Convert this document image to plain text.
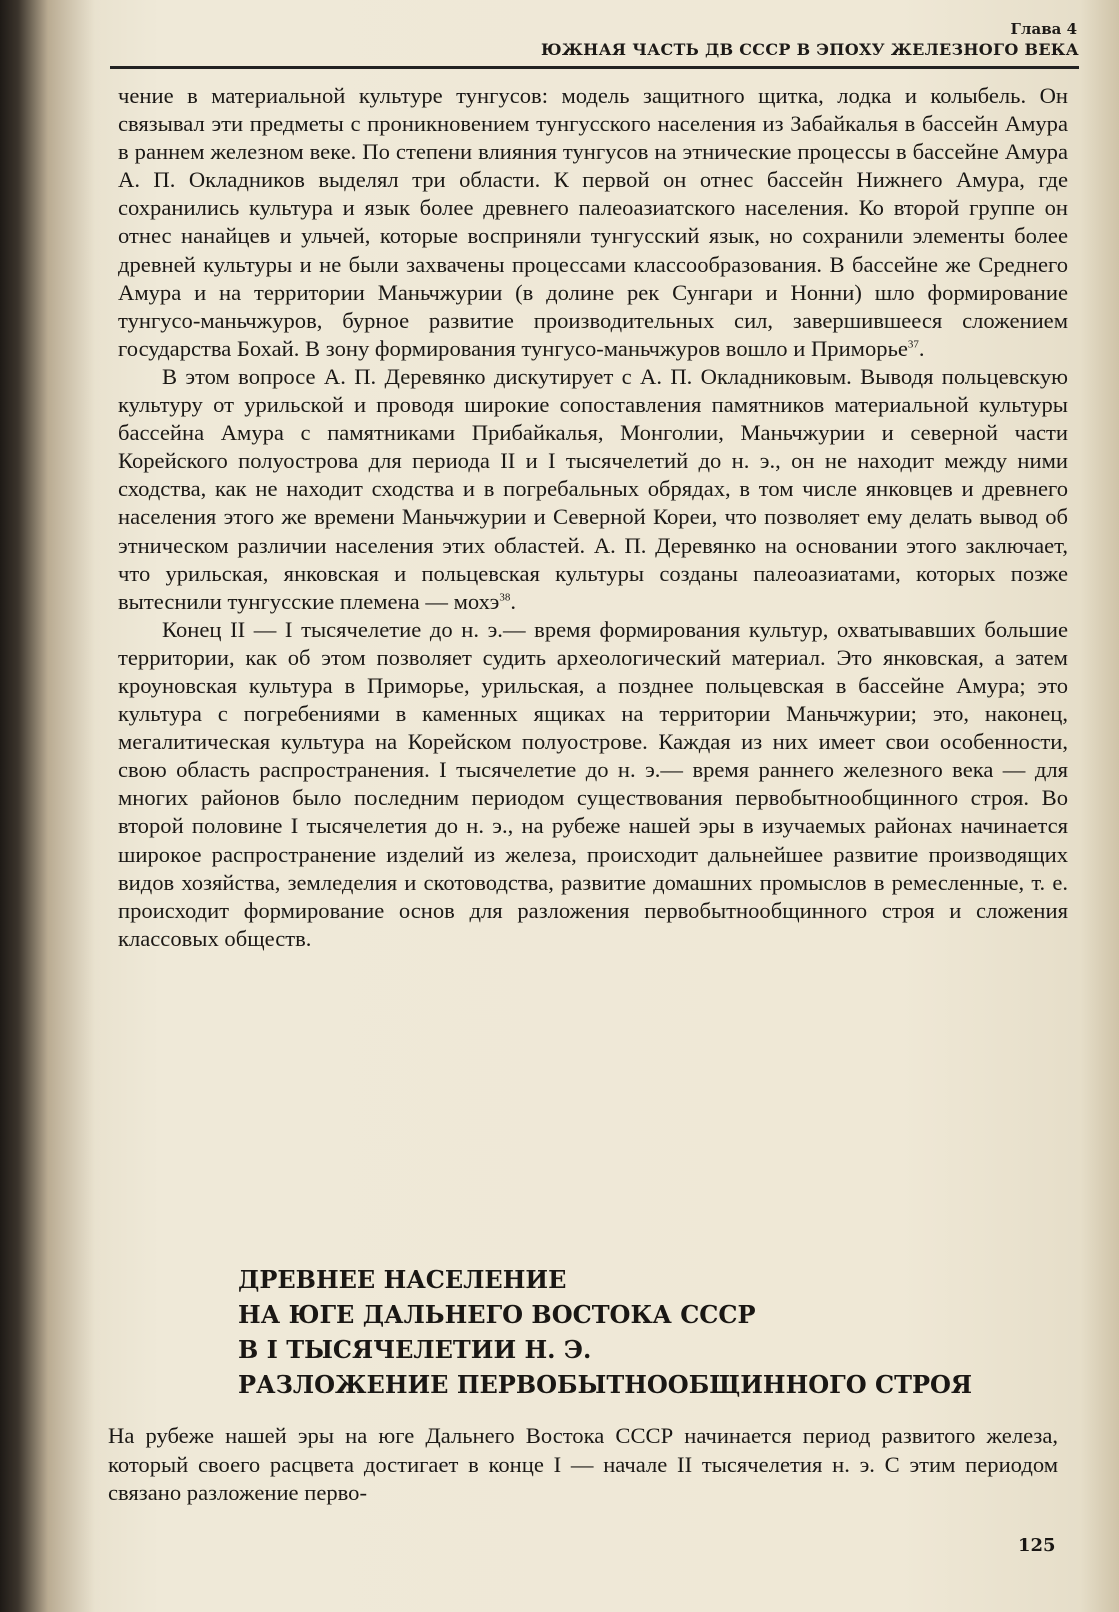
Глава 4
ЮЖНАЯ ЧАСТЬ ДВ СССР В ЭПОХУ ЖЕЛЕЗНОГО ВЕКА

чение в материальной культуре тунгусов: модель защитного щитка, лодка и колыбель. Он связывал эти предметы с проникновением тунгусского населения из Забайкалья в бассейн Амура в раннем железном веке. По степени влияния тунгусов на этнические процессы в бассейне Амура А. П. Окладников выделял три области. К первой он отнес бассейн Нижнего Амура, где сохранились культура и язык более древнего палеоазиатского населения. Ко второй группе он отнес нанайцев и ульчей, которые восприняли тунгусский язык, но сохранили элементы более древней культуры и не были захвачены процессами классообразования. В бассейне же Среднего Амура и на территории Маньчжурии (в долине рек Сунгари и Нонни) шло формирование тунгусо-маньчжуров, бурное развитие производительных сил, завершившееся сложением государства Бохай. В зону формирования тунгусо-маньчжуров вошло и Приморье$^{37}$.

В этом вопросе А. П. Деревянко дискутирует с А. П. Окладниковым. Выводя польцевскую культуру от урильской и проводя широкие сопоставления памятников материальной культуры бассейна Амура с памятниками Прибайкалья, Монголии, Маньчжурии и северной части Корейского полуострова для периода II и I тысячелетий до н. э., он не находит между ними сходства, как не находит сходства и в погребальных обрядах, в том числе янковцев и древнего населения этого же времени Маньчжурии и Северной Кореи, что позволяет ему делать вывод об этническом различии населения этих областей. А. П. Деревянко на основании этого заключает, что урильская, янковская и польцевская культуры созданы палеоазиатами, которых позже вытеснили тунгусские племена — мохэ$^{38}$.

Конец II — I тысячелетие до н. э.— время формирования культур, охватывавших большие территории, как об этом позволяет судить археологический материал. Это янковская, а затем кроуновская культура в Приморье, урильская, а позднее польцевская в бассейне Амура; это культура с погребениями в каменных ящиках на территории Маньчжурии; это, наконец, мегалитическая культура на Корейском полуострове. Каждая из них имеет свои особенности, свою область распространения. I тысячелетие до н. э.— время раннего железного века — для многих районов было последним периодом существования первобытнообщинного строя. Во второй половине I тысячелетия до н. э., на рубеже нашей эры в изучаемых районах начинается широкое распространение изделий из железа, происходит дальнейшее развитие производящих видов хозяйства, земледелия и скотоводства, развитие домашних промыслов в ремесленные, т. е. происходит формирование основ для разложения первобытнообщинного строя и сложения классовых обществ.

ДРЕВНЕЕ НАСЕЛЕНИЕ
НА ЮГЕ ДАЛЬНЕГО ВОСТОКА СССР
В I ТЫСЯЧЕЛЕТИИ Н. Э.
РАЗЛОЖЕНИЕ ПЕРВОБЫТНООБЩИННОГО СТРОЯ
На рубеже нашей эры на юге Дальнего Востока СССР начинается период развитого железа, который своего расцвета достигает в конце I — начале II тысячелетия н. э. С этим периодом связано разложение перво-
125
